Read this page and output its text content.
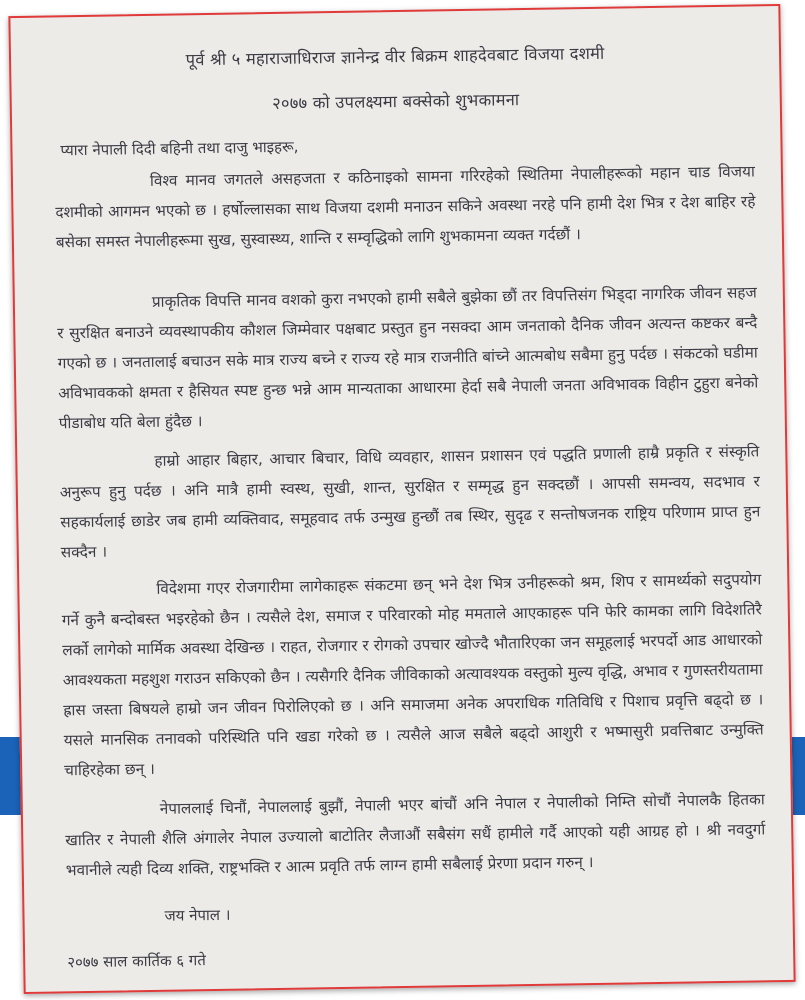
पूर्व श्री ५ महाराजाधिराज ज्ञानेन्द्र वीर बिक्रम शाहदेवबाट विजया दशमी
२०७७ को उपलक्ष्यमा बक्सेको शुभकामना
प्यारा नेपाली दिदी बहिनी तथा दाजु भाइहरू,

विश्व मानव जगतले असहजता र कठिनाइको सामना गरिरहेको स्थितिमा नेपालीहरूको महान चाड विजया दशमीको आगमन भएको छ । हर्षोल्लासका साथ विजया दशमी मनाउन सकिने अवस्था नरहे पनि हामी देश भित्र र देश बाहिर रहे बसेका समस्त नेपालीहरूमा सुख, सुस्वास्थ्य, शान्ति र सम्वृद्धिको लागि शुभकामना व्यक्त गर्दछौं ।

प्राकृतिक विपत्ति मानव वशको कुरा नभएको हामी सबैले बुझेका छौं तर विपत्तिसंग भिड्दा नागरिक जीवन सहज र सुरक्षित बनाउने व्यवस्थापकीय कौशल जिम्मेवार पक्षबाट प्रस्तुत हुन नसक्दा आम जनताको दैनिक जीवन अत्यन्त कष्टकर बन्दै गएको छ । जनतालाई बचाउन सके मात्र राज्य बच्ने र राज्य रहे मात्र राजनीति बांच्ने आत्मबोध सबैमा हुनु पर्दछ । संकटको घडीमा अविभावकको क्षमता र हैसियत स्पष्ट हुन्छ भन्ने आम मान्यताका आधारमा हेर्दा सबै नेपाली जनता अविभावक विहीन टुहुरा बनेको पीडाबोध यति बेला हुंदैछ ।

हाम्रो आहार बिहार, आचार बिचार, विधि व्यवहार, शासन प्रशासन एवं पद्धति प्रणाली हाम्रै प्रकृति र संस्कृति अनुरूप हुनु पर्दछ । अनि मात्रै हामी स्वस्थ, सुखी, शान्त, सुरक्षित र सम्मृद्ध हुन सक्दछौं । आपसी समन्वय, सदभाव र सहकार्यलाई छाडेर जब हामी व्यक्तिवाद, समूहवाद तर्फ उन्मुख हुन्छौं तब स्थिर, सुदृढ र सन्तोषजनक राष्ट्रिय परिणाम प्राप्त हुन सक्दैन ।

विदेशमा गएर रोजगारीमा लागेकाहरू संकटमा छन् भने देश भित्र उनीहरूको श्रम, शिप र सामर्थ्यको सदुपयोग गर्ने कुनै बन्दोबस्त भइरहेको छैन । त्यसैले देश, समाज र परिवारको मोह ममताले आएकाहरू पनि फेरि कामका लागि विदेशतिरै लर्को लागेको मार्मिक अवस्था देखिन्छ । राहत, रोजगार र रोगको उपचार खोज्दै भौतारिएका जन समूहलाई भरपर्दो आड आधारको आवश्यकता महशुश गराउन सकिएको छैन । त्यसैगरि दैनिक जीविकाको अत्यावश्यक वस्तुको मुल्य वृद्धि, अभाव र गुणस्तरीयतामा ह्रास जस्ता बिषयले हाम्रो जन जीवन पिरोलिएको छ । अनि समाजमा अनेक अपराधिक गतिविधि र पिशाच प्रवृत्ति बढ्दो छ । यसले मानसिक तनावको परिस्थिति पनि खडा गरेको छ । त्यसैले आज सबैले बढ्दो आशुरी र भष्मासुरी प्रवत्तिबाट उन्मुक्ति चाहिरहेका छन् ।

नेपाललाई चिनौं, नेपाललाई बुझौं, नेपाली भएर बांचौं अनि नेपाल र नेपालीको निम्ति सोचौं नेपालकै हितका खातिर र नेपाली शैलि अंगालेर नेपाल उज्यालो बाटोतिर लैजाऔं सबैसंग सधैं हामीले गर्दै आएको यही आग्रह हो । श्री नवदुर्गा भवानीले त्यही दिव्य शक्ति, राष्ट्रभक्ति र आत्म प्रवृति तर्फ लाग्न हामी सबैलाई प्रेरणा प्रदान गरुन् ।

जय नेपाल ।
२०७७ साल कार्तिक ६ गते
